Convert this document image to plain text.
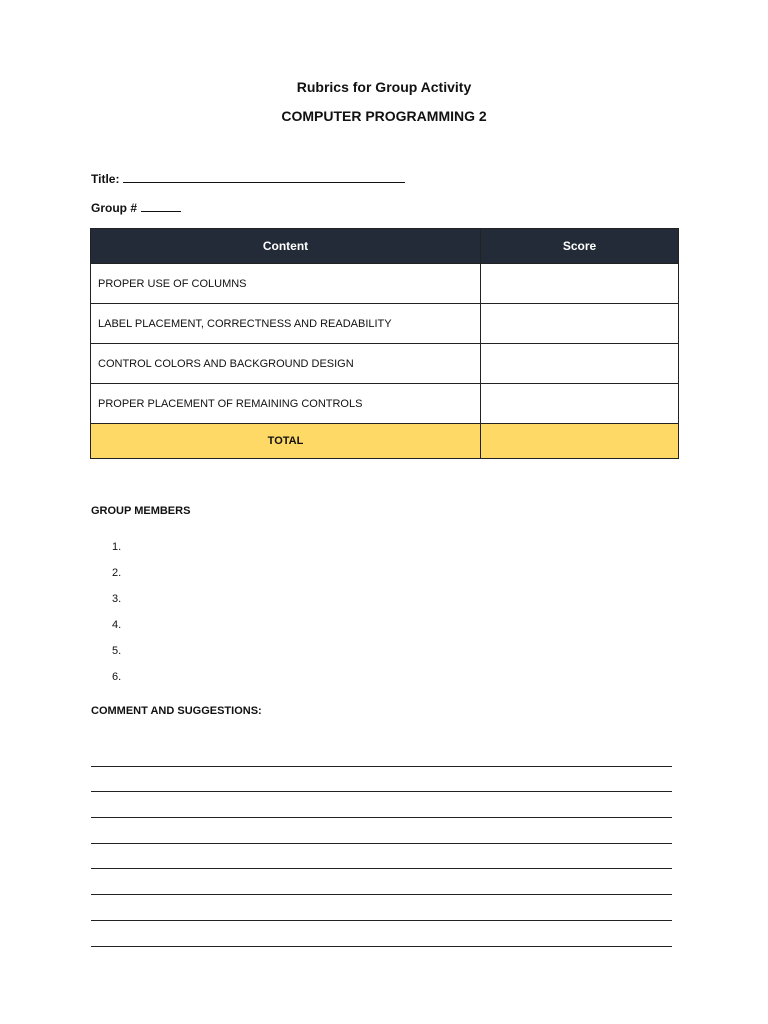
Rubrics for Group Activity
COMPUTER PROGRAMMING 2
Title:
Group #
Content	Score
PROPER USE OF COLUMNS	
LABEL PLACEMENT, CORRECTNESS AND READABILITY	
CONTROL COLORS AND BACKGROUND DESIGN	
PROPER PLACEMENT OF REMAINING CONTROLS	
TOTAL	
GROUP MEMBERS
1.
2.
3.
4.
5.
6.
COMMENT AND SUGGESTIONS:
